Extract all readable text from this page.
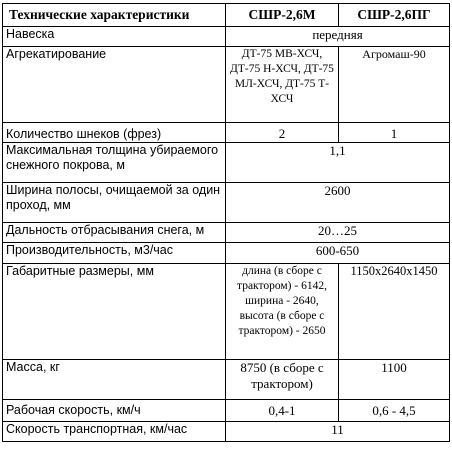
Технические характеристики	СШР-2,6М	СШР-2,6ПГ
Навеска	передняя	
Агрекатирование	ДТ-75 МВ-ХСЧ, ДТ-75 Н-ХСЧ, ДТ-75 МЛ-ХСЧ, ДТ-75 Т-ХСЧ	Агромаш-90
Количество шнеков (фрез)	2	1
Максимальная толщина убираемого снежного покрова, м	1,1	
Ширина полосы, очищаемой за один проход, мм	2600	
Дальность отбрасывания снега, м	20…25	
Производительность, м3/час	600-650	
Габаритные размеры, мм	длина (в сборе с трактором) - 6142, ширина - 2640, высота (в сборе с трактором) - 2650	1150x2640x1450
Масса, кг	8750 (в сборе с трактором)	1100
Рабочая скорость, км/ч	0,4-1	0,6 - 4,5
Скорость транспортная, км/час	11	
